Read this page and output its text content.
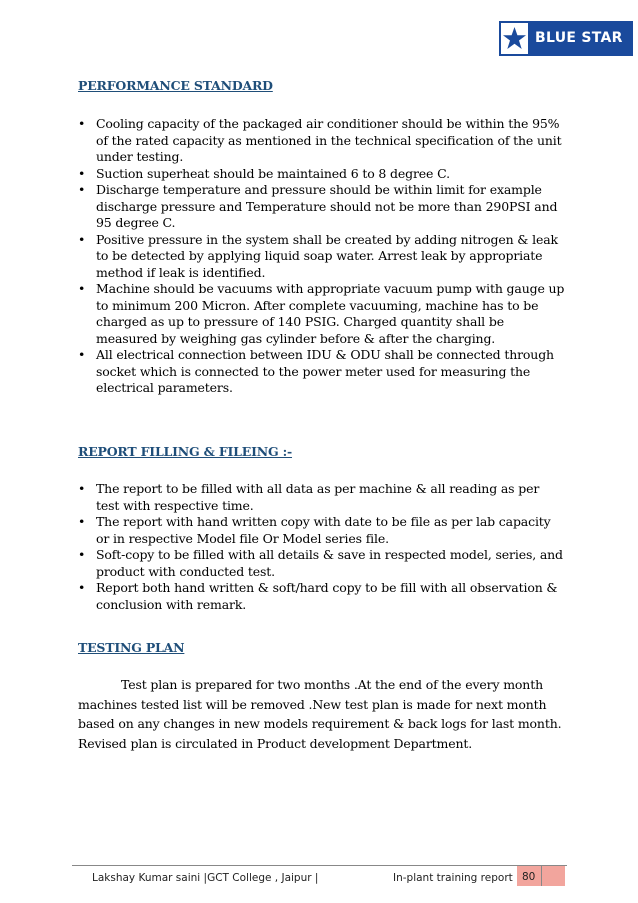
BLUE STAR
PERFORMANCE STANDARD
• Cooling capacity of the packaged air conditioner should be within the 95% of the rated capacity as mentioned in the technical specification of the unit under testing.
• Suction superheat should be maintained 6 to 8 degree C.
• Discharge temperature and pressure should be within limit for example discharge pressure and Temperature should not be more than 290PSI and 95 degree C.
• Positive pressure in the system shall be created by adding nitrogen & leak to be detected by applying liquid soap water. Arrest leak by appropriate method if leak is identified.
• Machine should be vacuums with appropriate vacuum pump with gauge up to minimum 200 Micron. After complete vacuuming, machine has to be charged as up to pressure of 140 PSIG. Charged quantity shall be measured by weighing gas cylinder before & after the charging.
• All electrical connection between IDU & ODU shall be connected through socket which is connected to the power meter used for measuring the electrical parameters.
REPORT FILLING & FILEING :-
• The report to be filled with all data as per machine & all reading as per test with respective time.
• The report with hand written copy with date to be file as per lab capacity or in respective Model file Or Model series file.
• Soft-copy to be filled with all details & save in respected model, series, and product with conducted test.
• Report both hand written & soft/hard copy to be fill with all observation & conclusion with remark.
TESTING PLAN

Test plan is prepared for two months .At the end of the every month machines tested list will be removed .New test plan is made for next month based on any changes in new models requirement & back logs for last month. Revised plan is circulated in Product development Department.

Lakshay Kumar saini |GCT College , Jaipur |	In-plant training report 80
